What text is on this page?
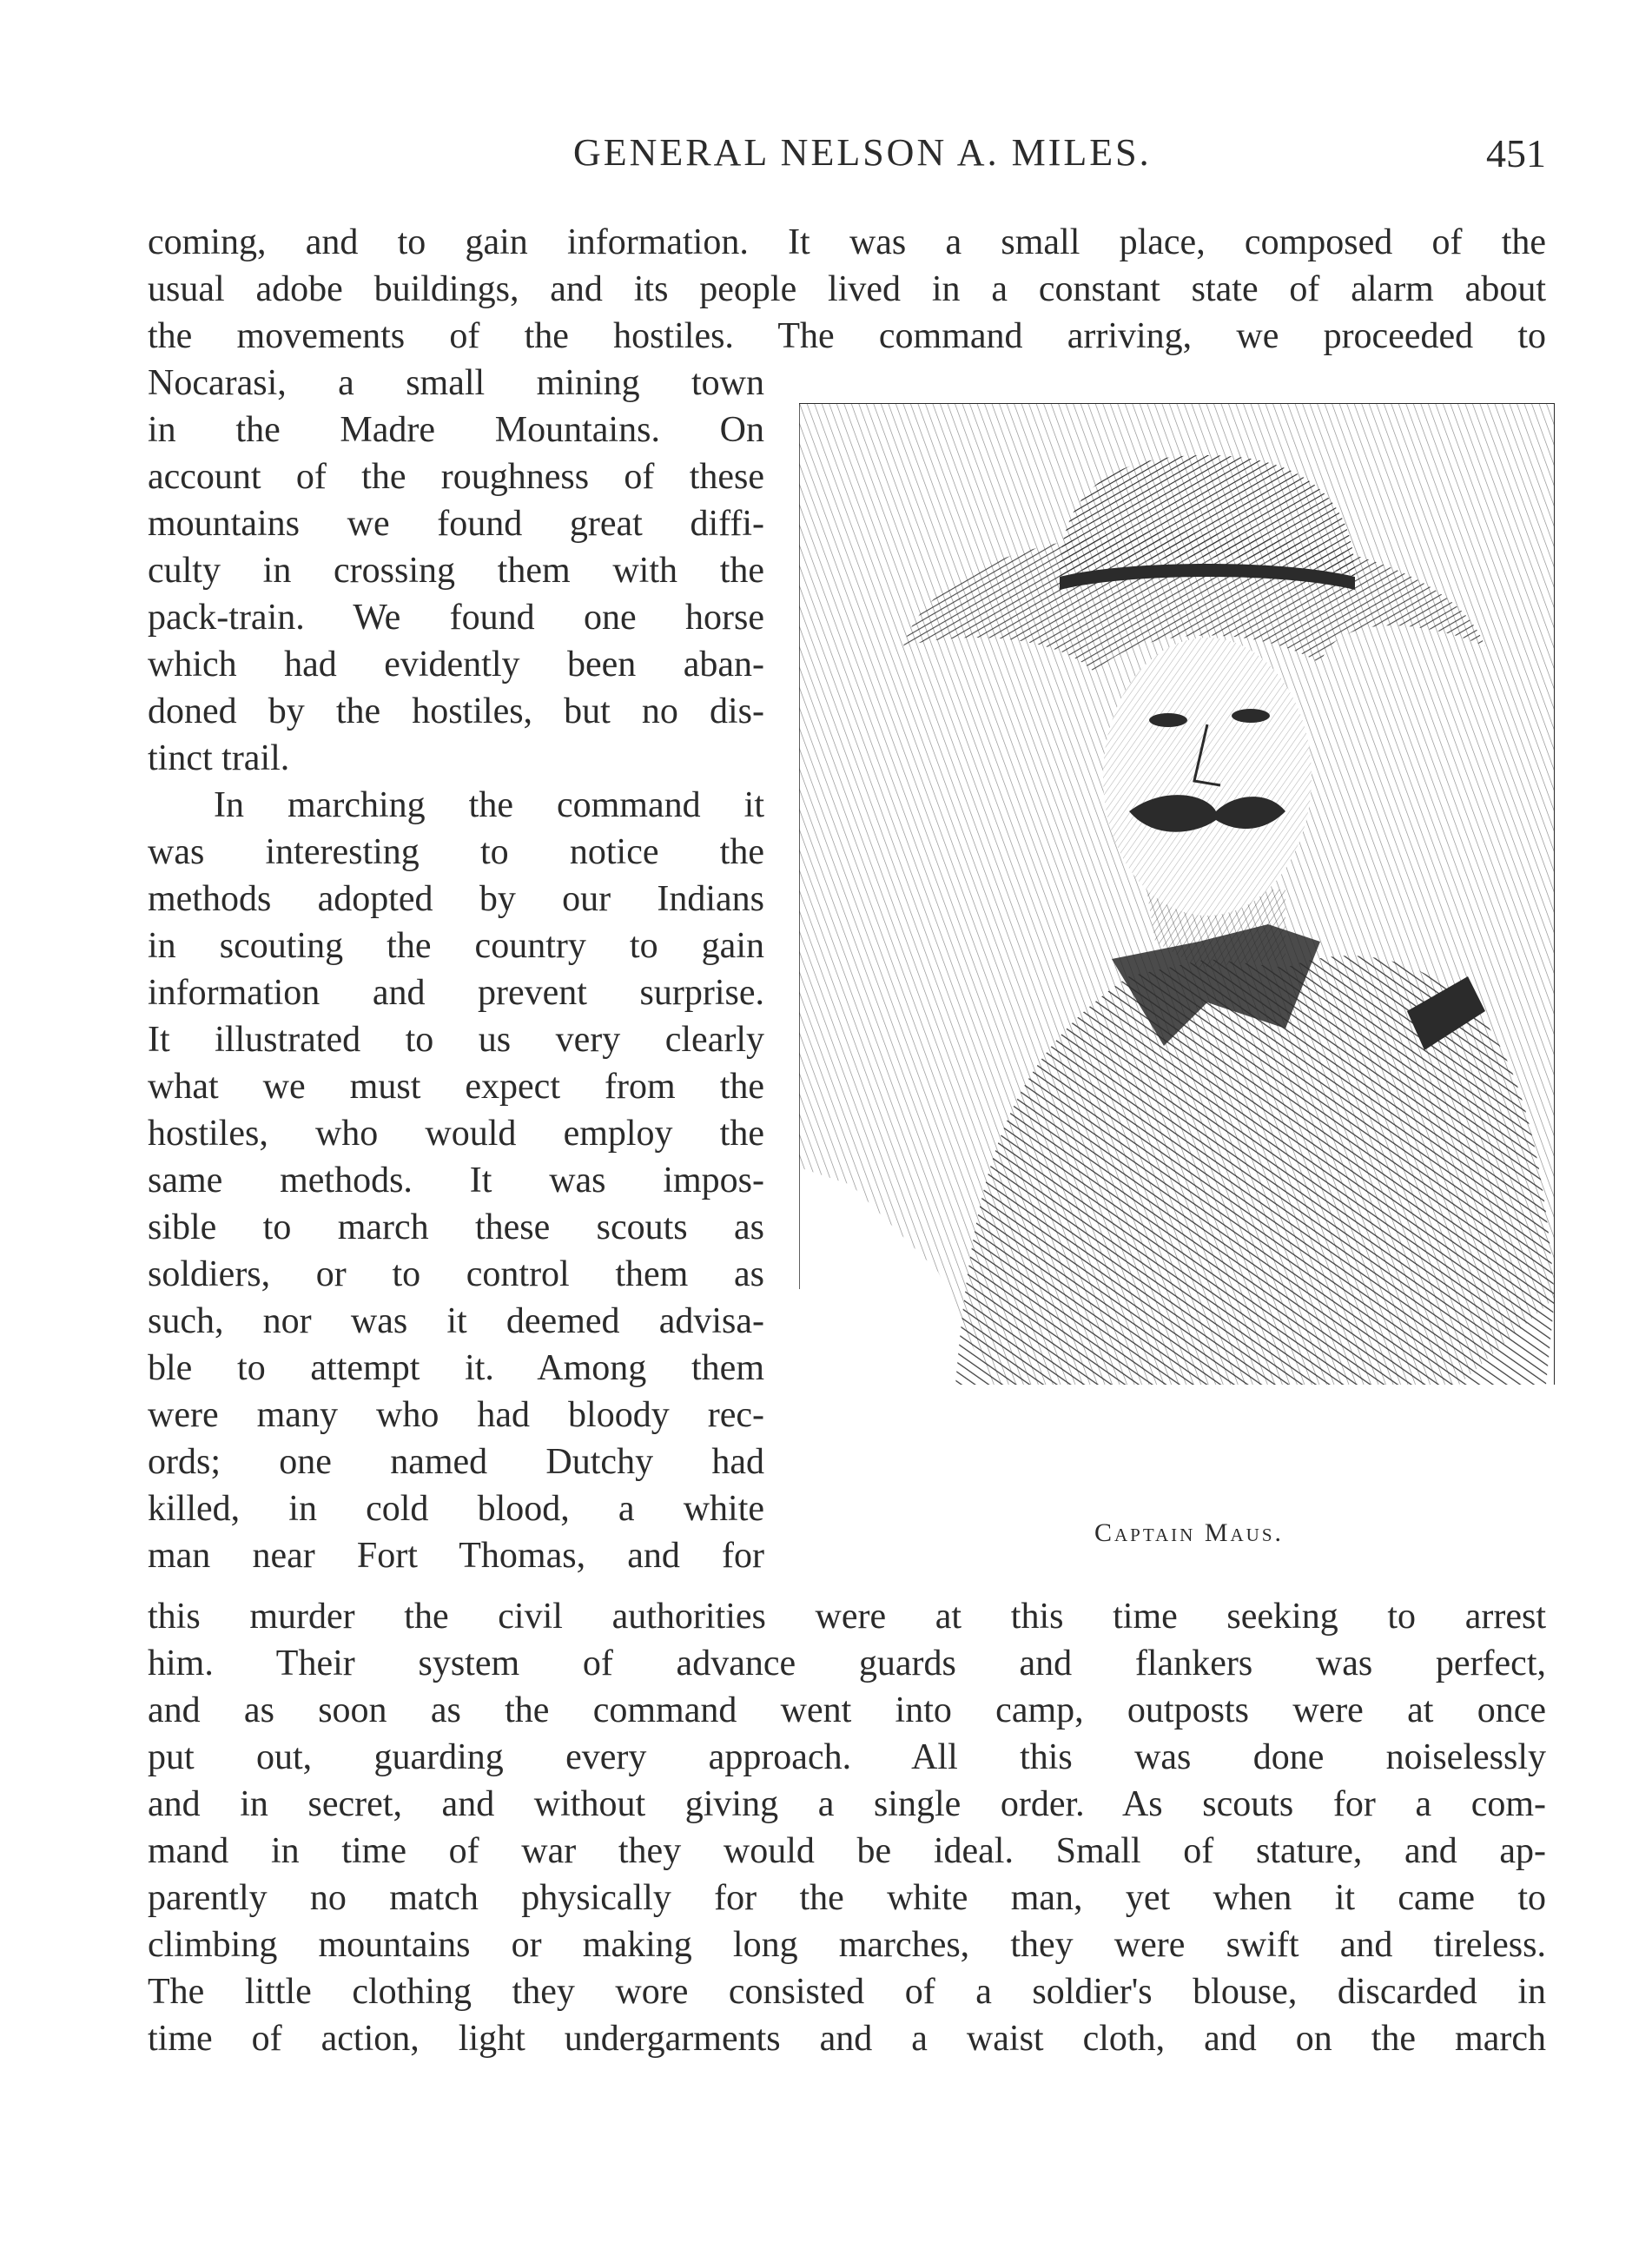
GENERAL NELSON A. MILES.	451
coming, and to gain information. It was a small place, composed of the
usual adobe buildings, and its people lived in a constant state of alarm about
the movements of the hostiles. The command arriving, we proceeded to
Nocarasi, a small mining town
in the Madre Mountains. On
account of the roughness of these
mountains we found great diffi-
culty in crossing them with the
pack-train. We found one horse
which had evidently been aban-
doned by the hostiles, but no dis-
tinct trail.
In marching the command it
was interesting to notice the
methods adopted by our Indians
in scouting the country to gain
information and prevent surprise.
It illustrated to us very clearly
what we must expect from the
hostiles, who would employ the
same methods. It was impos-
sible to march these scouts as
soldiers, or to control them as
such, nor was it deemed advisa-
ble to attempt it. Among them
were many who had bloody rec-
ords; one named Dutchy had
killed, in cold blood, a white
man near Fort Thomas, and for
Captain Maus.
this murder the civil authorities were at this time seeking to arrest
him. Their system of advance guards and flankers was perfect,
and as soon as the command went into camp, outposts were at once
put out, guarding every approach. All this was done noiselessly
and in secret, and without giving a single order. As scouts for a com-
mand in time of war they would be ideal. Small of stature, and ap-
parently no match physically for the white man, yet when it came to
climbing mountains or making long marches, they were swift and tireless.
The little clothing they wore consisted of a soldier's blouse, discarded in
time of action, light undergarments and a waist cloth, and on the march
